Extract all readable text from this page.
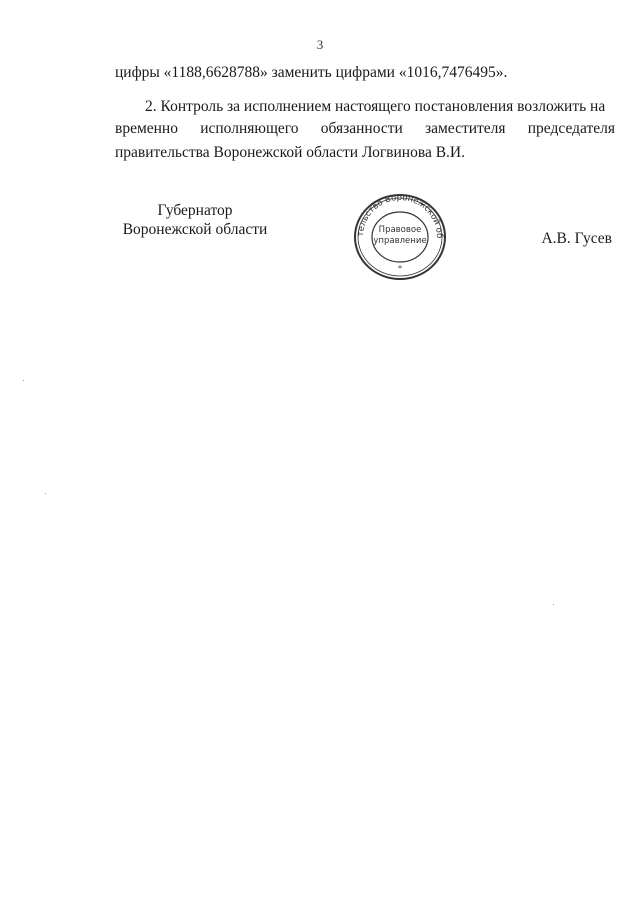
3
цифры «1188,6628788» заменить цифрами «1016,7476495».
2. Контроль за исполнением настоящего постановления возложить на
временно исполняющего обязанности заместителя председателя
правительства Воронежской области Логвинова В.И.
Губернатор
Воронежской области	тельство Воронежской об
Правовое
управление
*
А.В. Гусев
